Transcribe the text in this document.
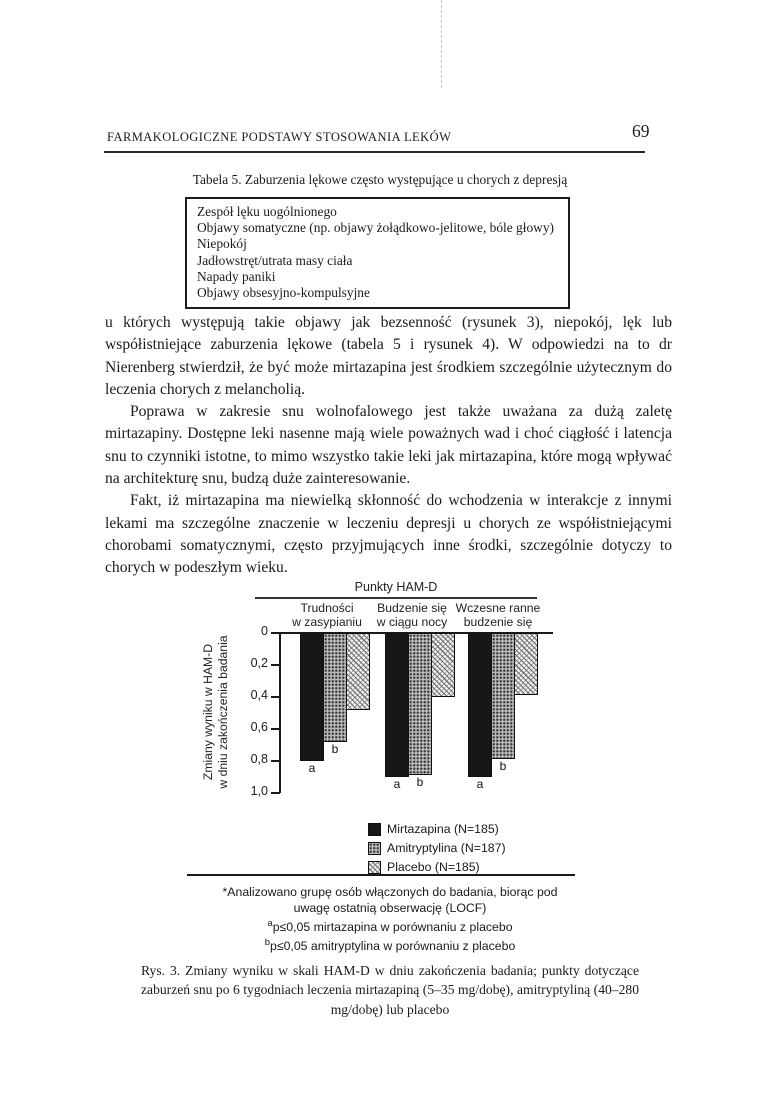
FARMAKOLOGICZNE PODSTAWY STOSOWANIA LEKÓW	69
Tabela 5. Zaburzenia lękowe często występujące u chorych z depresją
Zespół lęku uogólnionego
Objawy somatyczne (np. objawy żołądkowo-jelitowe, bóle głowy)
Niepokój
Jadłowstręt/utrata masy ciała
Napady paniki
Objawy obsesyjno-kompulsyjne

u których występują takie objawy jak bezsenność (rysunek 3), niepokój, lęk lub współistniejące zaburzenia lękowe (tabela 5 i rysunek 4). W odpowiedzi na to dr Nierenberg stwierdził, że być może mirtazapina jest środkiem szczególnie użytecznym do leczenia chorych z melancholią.

Poprawa w zakresie snu wolnofalowego jest także uważana za dużą zaletę mirtazapiny. Dostępne leki nasenne mają wiele poważnych wad i choć ciągłość i latencja snu to czynniki istotne, to mimo wszystko takie leki jak mirtazapina, które mogą wpływać na architekturę snu, budzą duże zainteresowanie.

Fakt, iż mirtazapina ma niewielką skłonność do wchodzenia w interakcje z innymi lekami ma szczególne znaczenie w leczeniu depresji u chorych ze współistniejącymi chorobami somatycznymi, często przyjmujących inne środki, szczególnie dotyczy to chorych w podeszłym wieku.

Punkty HAM-D
Zmiany wyniku w HAM-D w dniu zakończenia badania
*Analizowano grupę osób włączonych do badania, biorąc pod
uwagę ostatnią obserwację (LOCF)
$^a$p≤0,05 mirtazapina w porównaniu z placebo
$^b$p≤0,05 amitryptylina w porównaniu z placebo
0
0,2
0,4
0,6
0,8
1,0
Trudności
w zasypianiu
Budzenie się
w ciągu nocy
Wczesne ranne
budzenie się
a
a	a
b
b
b
Mirtazapina (N=185)
Amitryptylina (N=187)
Placebo (N=185)
Rys. 3. Zmiany wyniku w skali HAM-D w dniu zakończenia badania; punkty dotyczące zaburzeń snu po 6 tygodniach leczenia mirtazapiną (5–35 mg/dobę), amitryptyliną (40–280 mg/dobę) lub placebo
